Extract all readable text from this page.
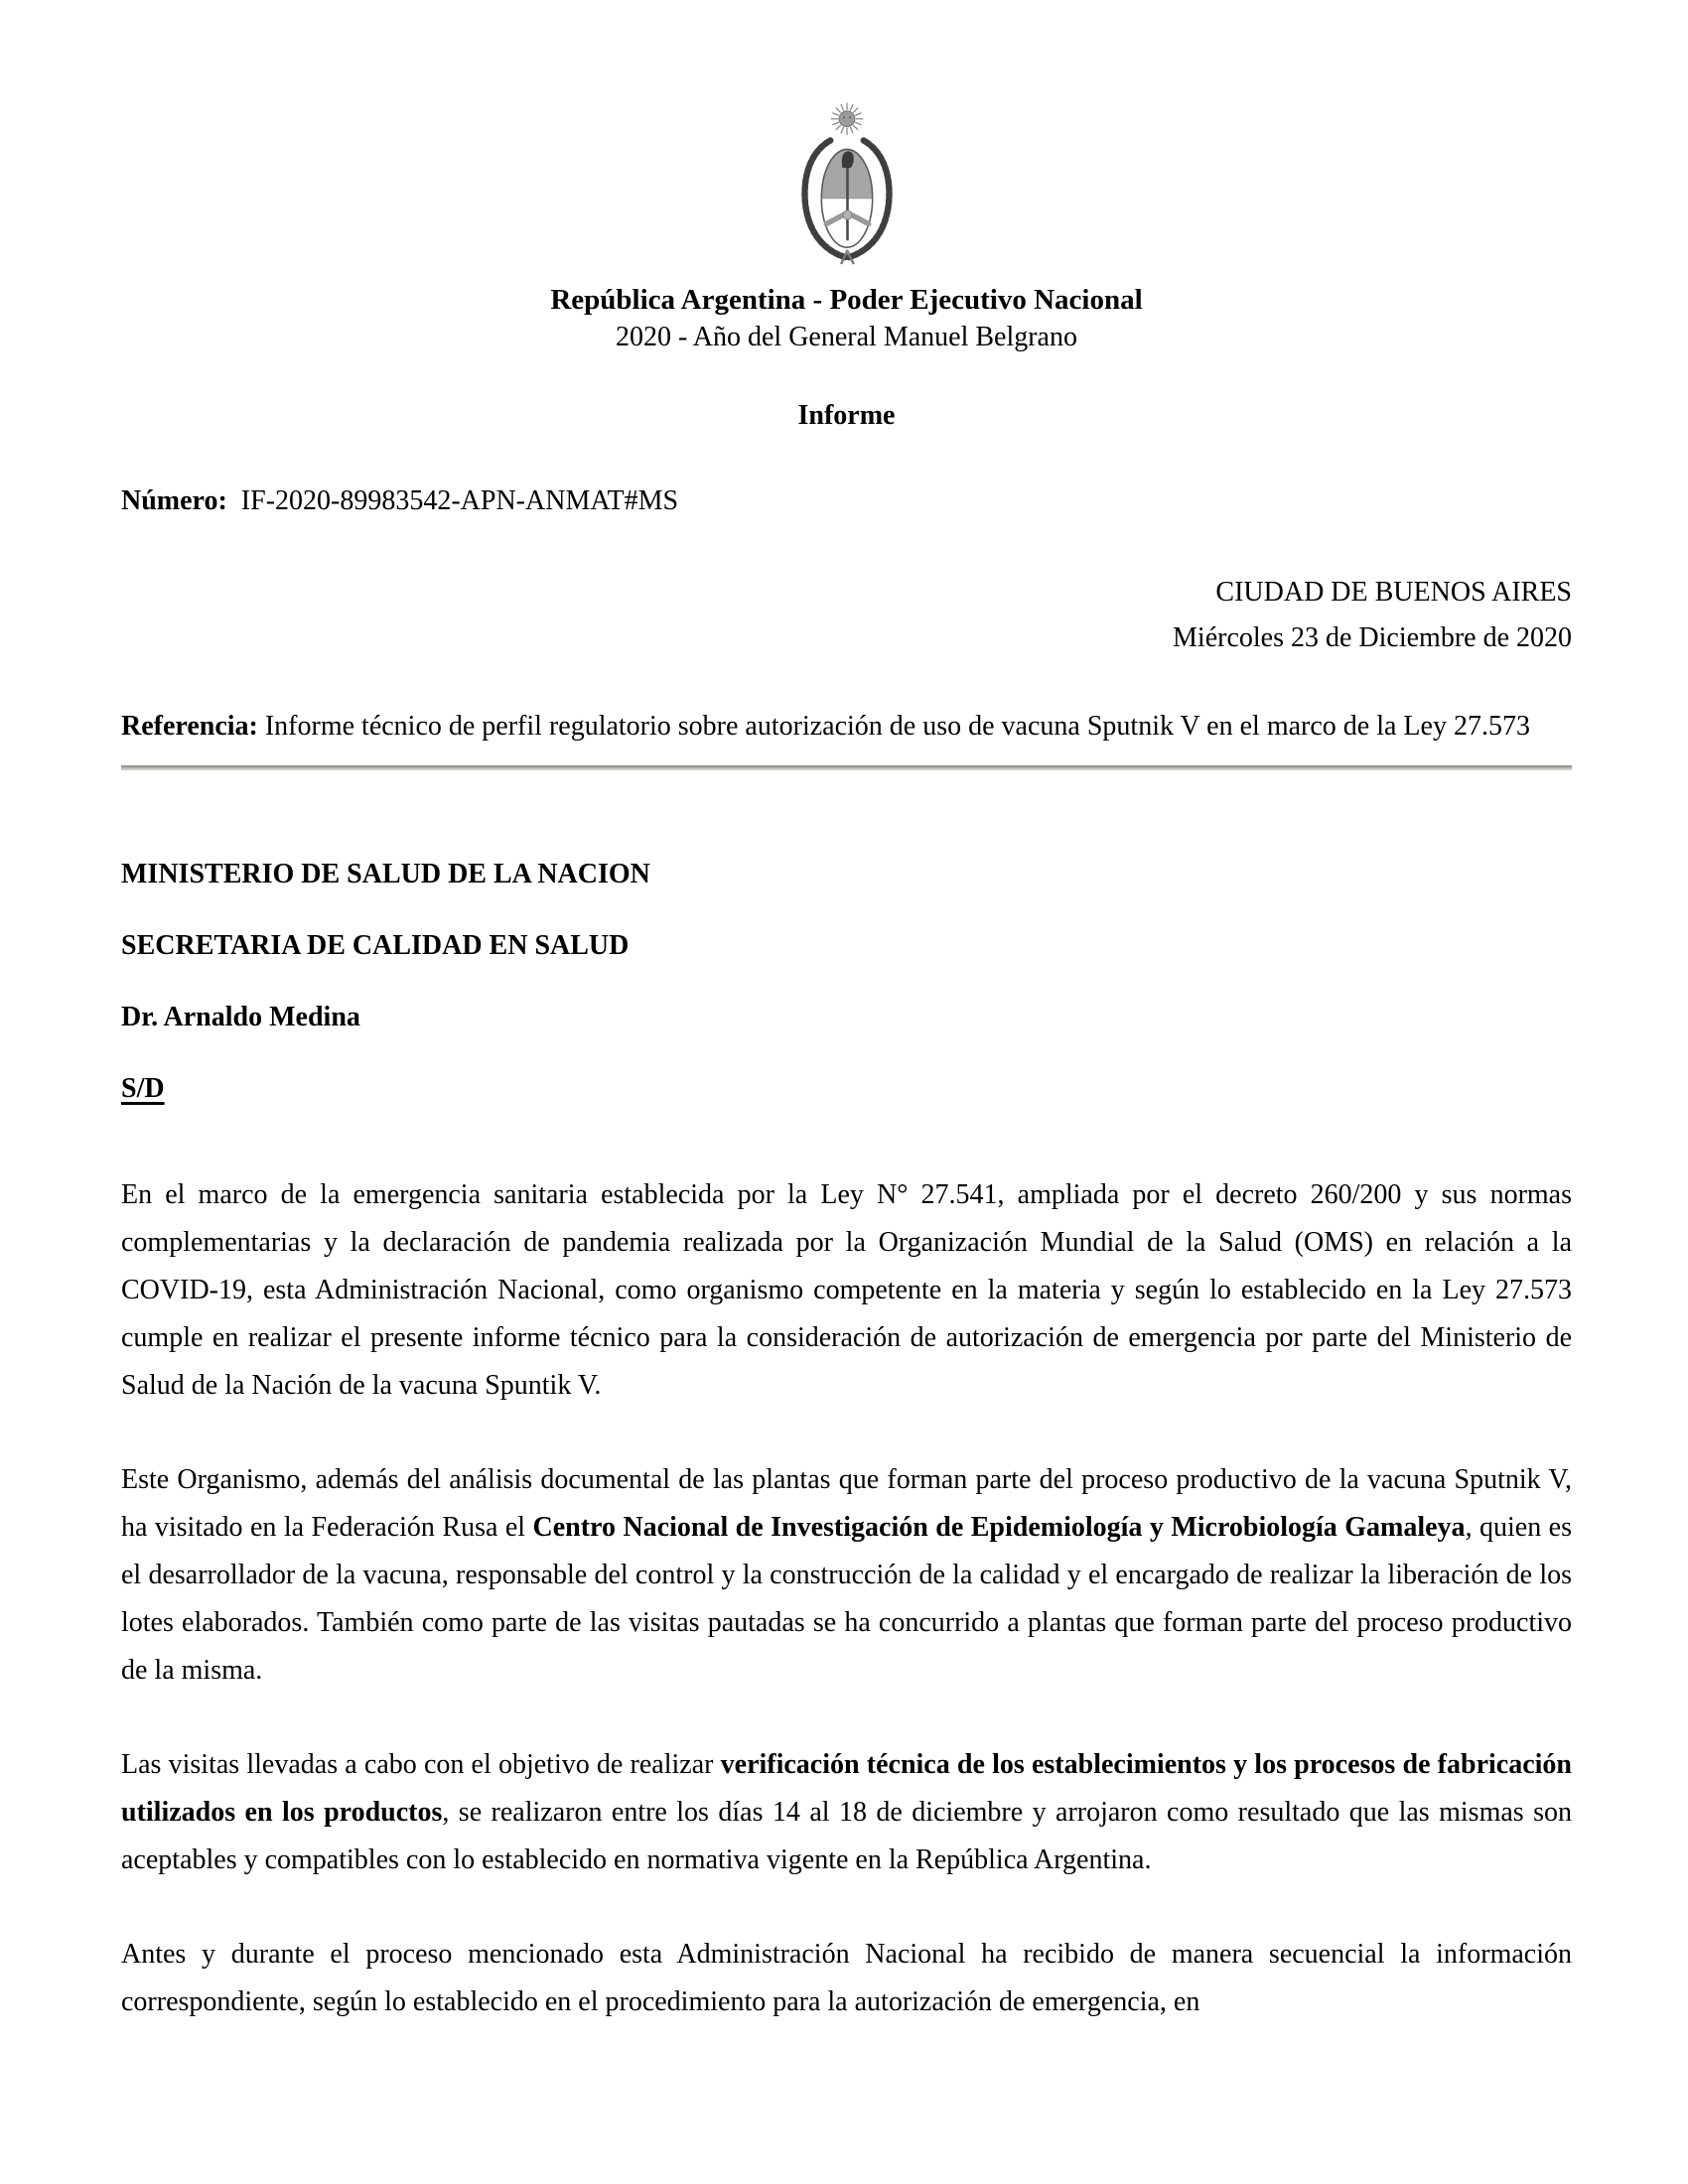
República Argentina - Poder Ejecutivo Nacional
2020 - Año del General Manuel Belgrano
Informe
Número: IF-2020-89983542-APN-ANMAT#MS
CIUDAD DE BUENOS AIRES
Miércoles 23 de Diciembre de 2020
Referencia: Informe técnico de perfil regulatorio sobre autorización de uso de vacuna Sputnik V en el marco de la Ley 27.573
MINISTERIO DE SALUD DE LA NACION
SECRETARIA DE CALIDAD EN SALUD
Dr. Arnaldo Medina
S/D

En el marco de la emergencia sanitaria establecida por la Ley N° 27.541, ampliada por el decreto 260/200 y sus normas complementarias y la declaración de pandemia realizada por la Organización Mundial de la Salud (OMS) en relación a la COVID-19, esta Administración Nacional, como organismo competente en la materia y según lo establecido en la Ley 27.573 cumple en realizar el presente informe técnico para la consideración de autorización de emergencia por parte del Ministerio de Salud de la Nación de la vacuna Spuntik V.

Este Organismo, además del análisis documental de las plantas que forman parte del proceso productivo de la vacuna Sputnik V, ha visitado en la Federación Rusa el Centro Nacional de Investigación de Epidemiología y Microbiología Gamaleya, quien es el desarrollador de la vacuna, responsable del control y la construcción de la calidad y el encargado de realizar la liberación de los lotes elaborados. También como parte de las visitas pautadas se ha concurrido a plantas que forman parte del proceso productivo de la misma.

Las visitas llevadas a cabo con el objetivo de realizar verificación técnica de los establecimientos y los procesos de fabricación utilizados en los productos, se realizaron entre los días 14 al 18 de diciembre y arrojaron como resultado que las mismas son aceptables y compatibles con lo establecido en normativa vigente en la República Argentina.

Antes y durante el proceso mencionado esta Administración Nacional ha recibido de manera secuencial la información correspondiente, según lo establecido en el procedimiento para la autorización de emergencia, en
